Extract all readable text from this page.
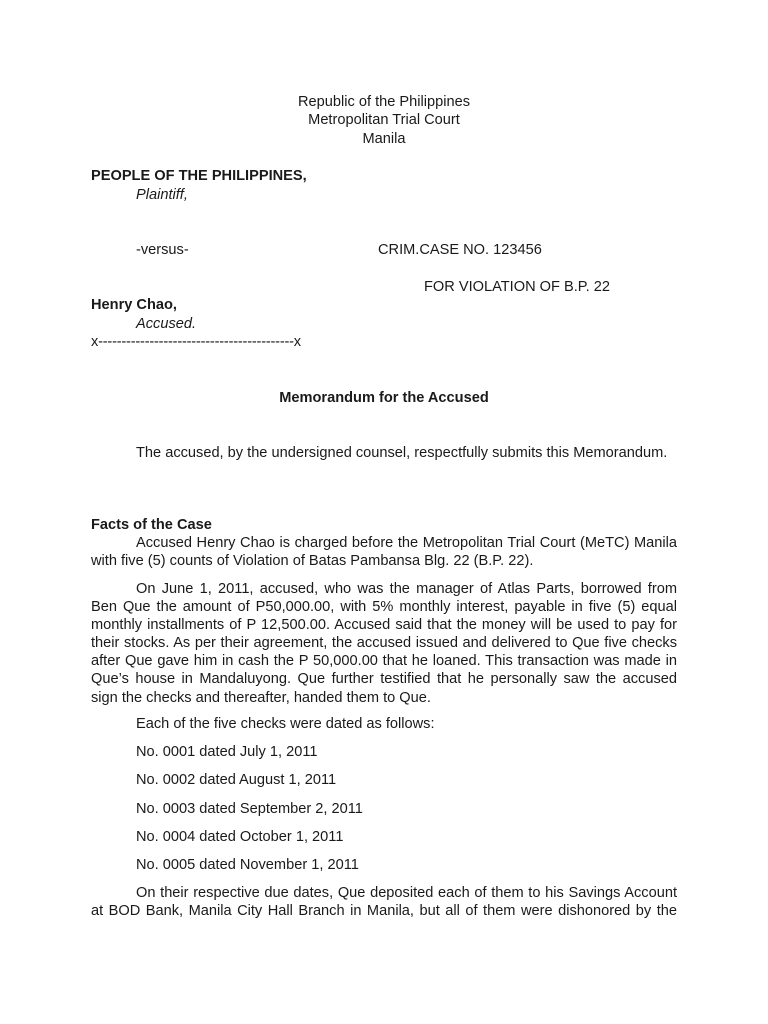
Republic of the Philippines
Metropolitan Trial Court
Manila
PEOPLE OF THE PHILIPPINES,
Plaintiff,
-versus-	CRIM.CASE NO. 123456
FOR VIOLATION OF B.P. 22
Henry Chao,
Accused.
x------------------------------------------x
Memorandum for the Accused
The accused, by the undersigned counsel, respectfully submits this Memorandum.
Facts of the Case
Accused Henry Chao is charged before the Metropolitan Trial Court (MeTC) Manila with five (5) counts of Violation of Batas Pambansa Blg. 22 (B.P. 22).
On June 1, 2011, accused, who was the manager of Atlas Parts, borrowed from Ben Que the amount of P50,000.00, with 5% monthly interest, payable in five (5) equal monthly installments of P 12,500.00. Accused said that the money will be used to pay for their stocks. As per their agreement, the accused issued and delivered to Que five checks after Que gave him in cash the P 50,000.00 that he loaned. This transaction was made in Que’s house in Mandaluyong. Que further testified that he personally saw the accused sign the checks and thereafter, handed them to Que.
Each of the five checks were dated as follows:
No. 0001 dated July 1, 2011
No. 0002 dated August 1, 2011
No. 0003 dated September 2, 2011
No. 0004 dated October 1, 2011
No. 0005 dated November 1, 2011
On their respective due dates, Que deposited each of them to his Savings Account at BOD Bank, Manila City Hall Branch in Manila, but all of them were dishonored by the
